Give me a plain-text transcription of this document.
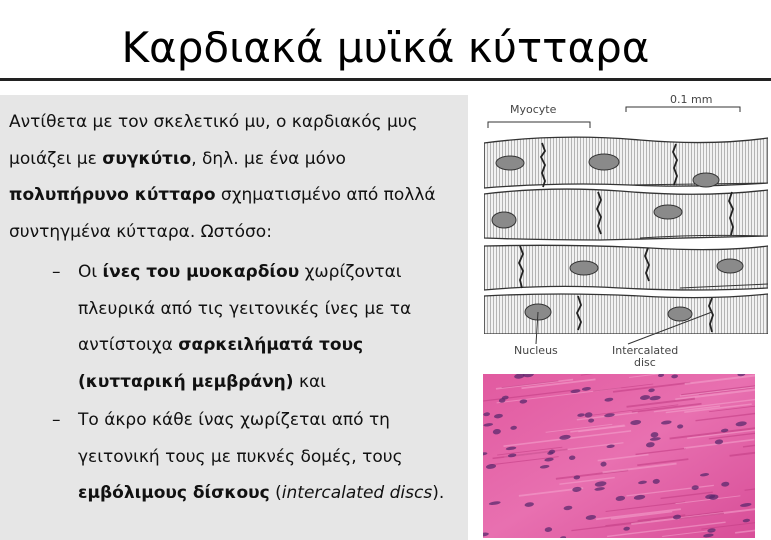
Καρδιακά μυϊκά κύτταρα
Αντίθετα με τον σκελετικό μυ, ο καρδιακός μυς μοιάζει με συγκύτιο, δηλ. με ένα μόνο πολυπήρυνο κύτταρο σχηματισμένο από πολλά συντηγμένα κύτταρα. Ωστόσο:
– Οι ίνες του μυοκαρδίου χωρίζονται πλευρικά από τις γειτονικές ίνες με τα αντίστοιχα σαρκειλήματά τους (κυτταρική μεμβράνη) και
– Το άκρο κάθε ίνας χωρίζεται από τη γειτονική τους με πυκνές δομές, τους εμβόλιμους δίσκους (intercalated discs).
Myocyte
0.1 mm
Nucleus	Intercalated
disc
